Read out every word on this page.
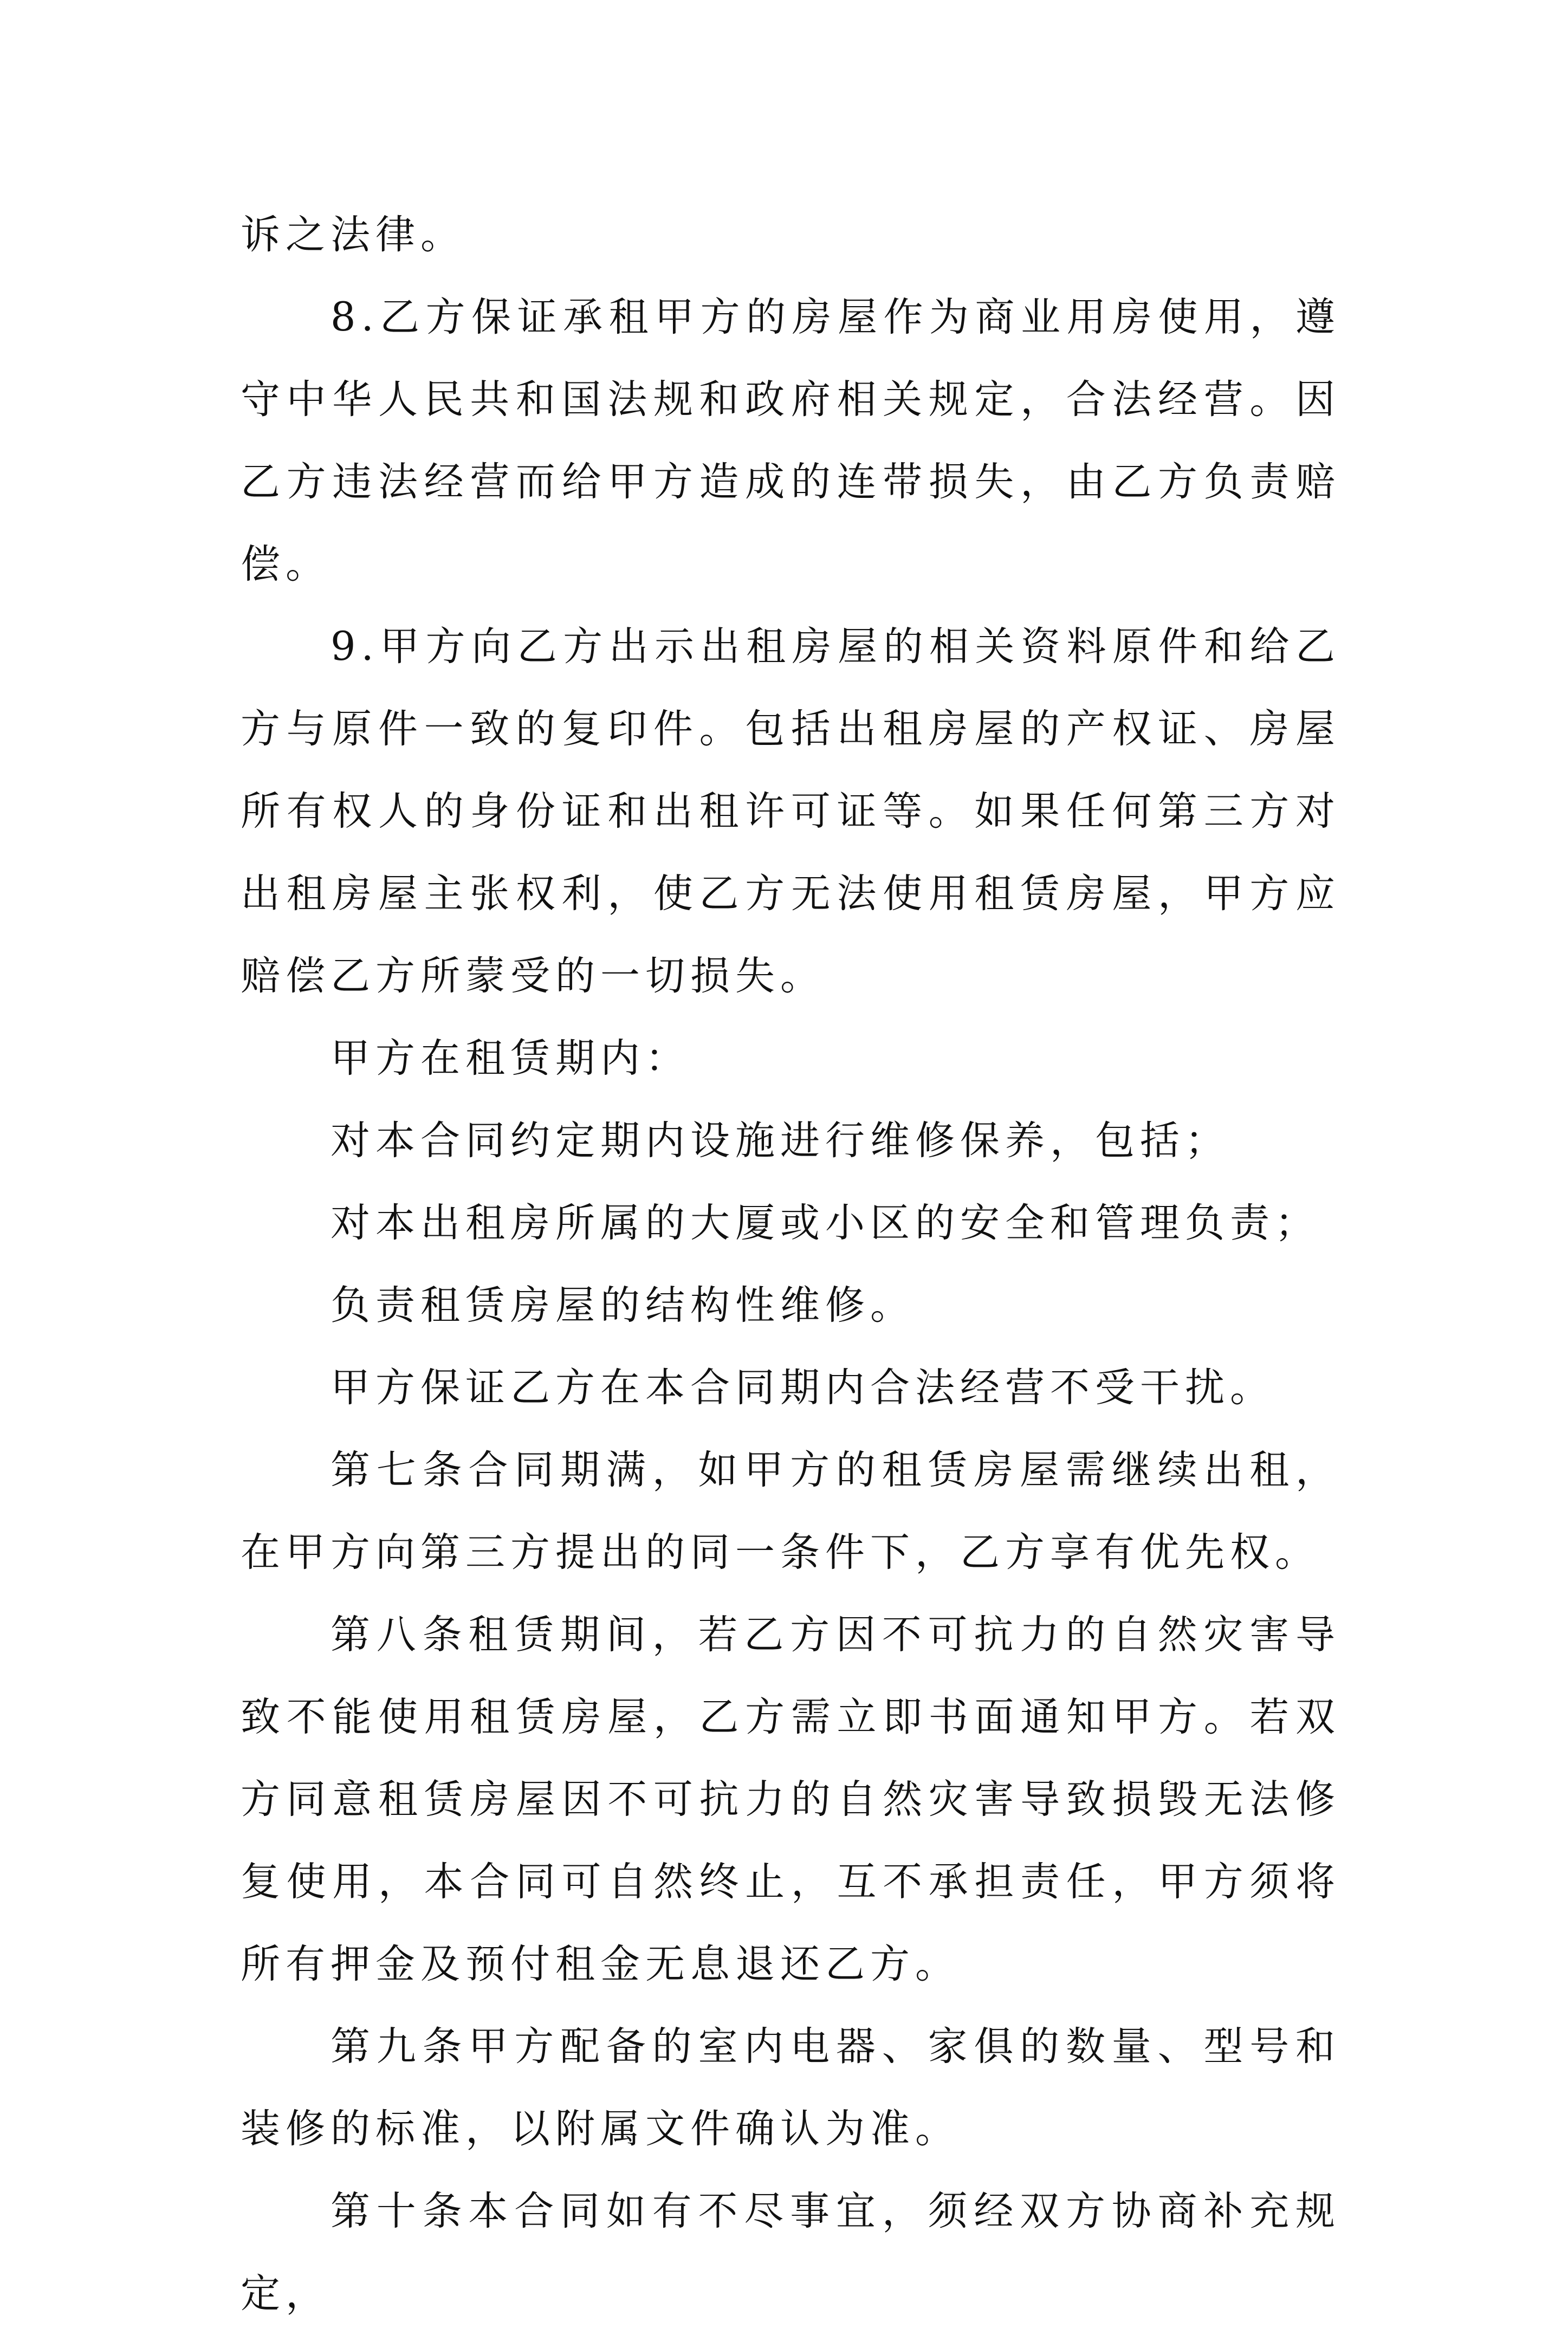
诉之法律。

8.乙方保证承租甲方的房屋作为商业用房使用，遵守中华人民共和国法规和政府相关规定，合法经营。因乙方违法经营而给甲方造成的连带损失，由乙方负责赔偿。

9.甲方向乙方出示出租房屋的相关资料原件和给乙方与原件一致的复印件。包括出租房屋的产权证、房屋所有权人的身份证和出租许可证等。如果任何第三方对出租房屋主张权利，使乙方无法使用租赁房屋，甲方应赔偿乙方所蒙受的一切损失。

甲方在租赁期内：

对本合同约定期内设施进行维修保养，包括；

对本出租房所属的大厦或小区的安全和管理负责；

负责租赁房屋的结构性维修。

甲方保证乙方在本合同期内合法经营不受干扰。

第七条合同期满，如甲方的租赁房屋需继续出租，在甲方向第三方提出的同一条件下，乙方享有优先权。

第八条租赁期间，若乙方因不可抗力的自然灾害导致不能使用租赁房屋，乙方需立即书面通知甲方。若双方同意租赁房屋因不可抗力的自然灾害导致损毁无法修复使用，本合同可自然终止，互不承担责任，甲方须将所有押金及预付租金无息退还乙方。

第九条甲方配备的室内电器、家俱的数量、型号和装修的标准，以附属文件确认为准。

第十条本合同如有不尽事宜，须经双方协商补充规定，
